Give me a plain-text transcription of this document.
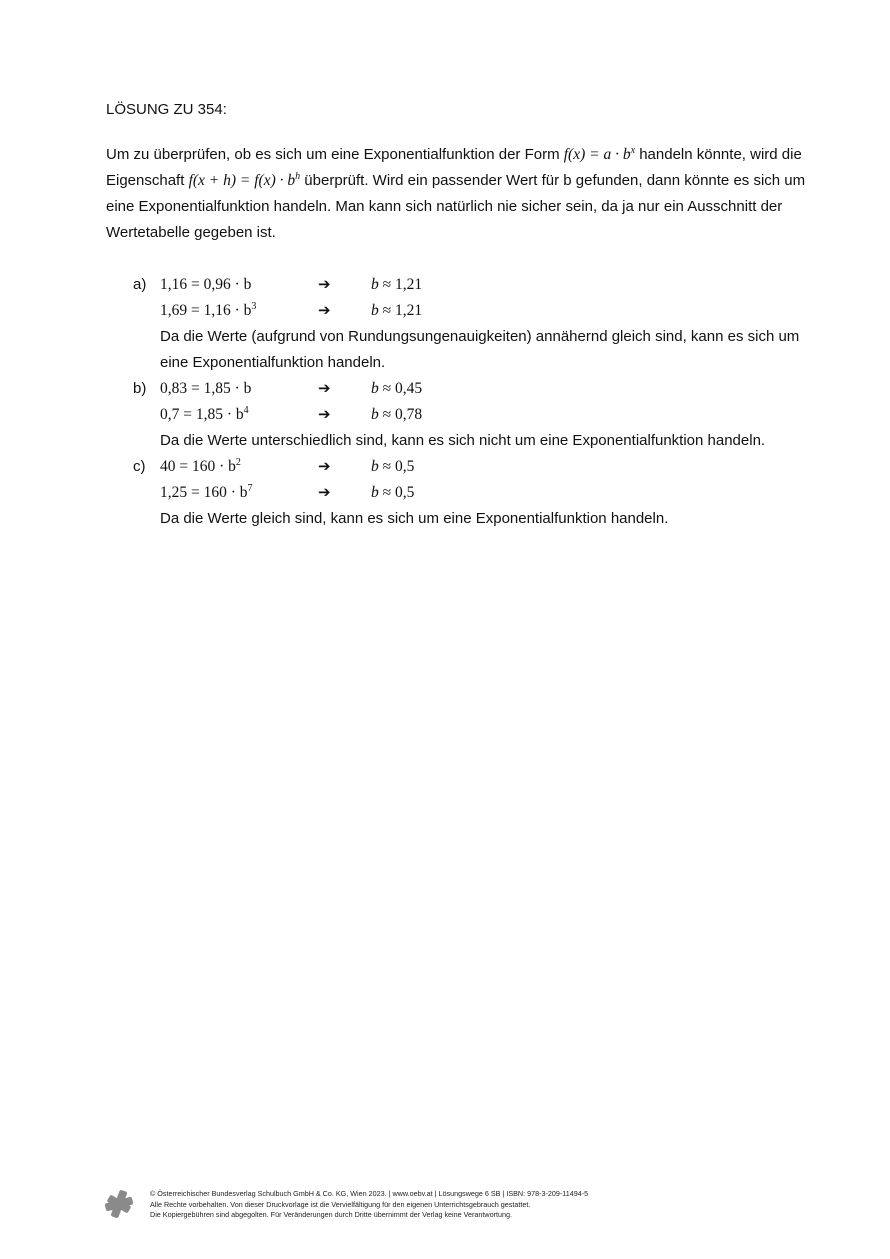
LÖSUNG ZU 354:
Um zu überprüfen, ob es sich um eine Exponentialfunktion der Form $f(x) = a \cdot b^x$ handeln könnte, wird die Eigenschaft $f(x + h) = f(x) \cdot b^h$ überprüft. Wird ein passender Wert für b gefunden, dann könnte es sich um eine Exponentialfunktion handeln. Man kann sich natürlich nie sicher sein, da ja nur ein Ausschnitt der Wertetabelle gegeben ist.
a) 1,16 = 0,96 · b	➔	b ≈ 1,21
$1,69 = 1,16 \cdot b^3$	➔	b ≈ 1,21
Da die Werte (aufgrund von Rundungsungenauigkeiten) annähernd gleich sind, kann es sich um eine Exponentialfunktion handeln.
b) 0,83 = 1,85 · b	➔	b ≈ 0,45
$0,7 = 1,85 \cdot b^4$	➔	b ≈ 0,78
Da die Werte unterschiedlich sind, kann es sich nicht um eine Exponentialfunktion handeln.
c) $40 = 160 \cdot b^2$	➔	b ≈ 0,5
$1,25 = 160 \cdot b^7$	➔	b ≈ 0,5
Da die Werte gleich sind, kann es sich um eine Exponentialfunktion handeln.
© Österreichischer Bundesverlag Schulbuch GmbH & Co. KG, Wien 2023. | www.oebv.at | Lösungswege 6 SB | ISBN: 978-3-209-11494-5
Alle Rechte vorbehalten. Von dieser Druckvorlage ist die Vervielfältigung für den eigenen Unterrichtsgebrauch gestattet.
Die Kopiergebühren sind abgegolten. Für Veränderungen durch Dritte übernimmt der Verlag keine Verantwortung.
